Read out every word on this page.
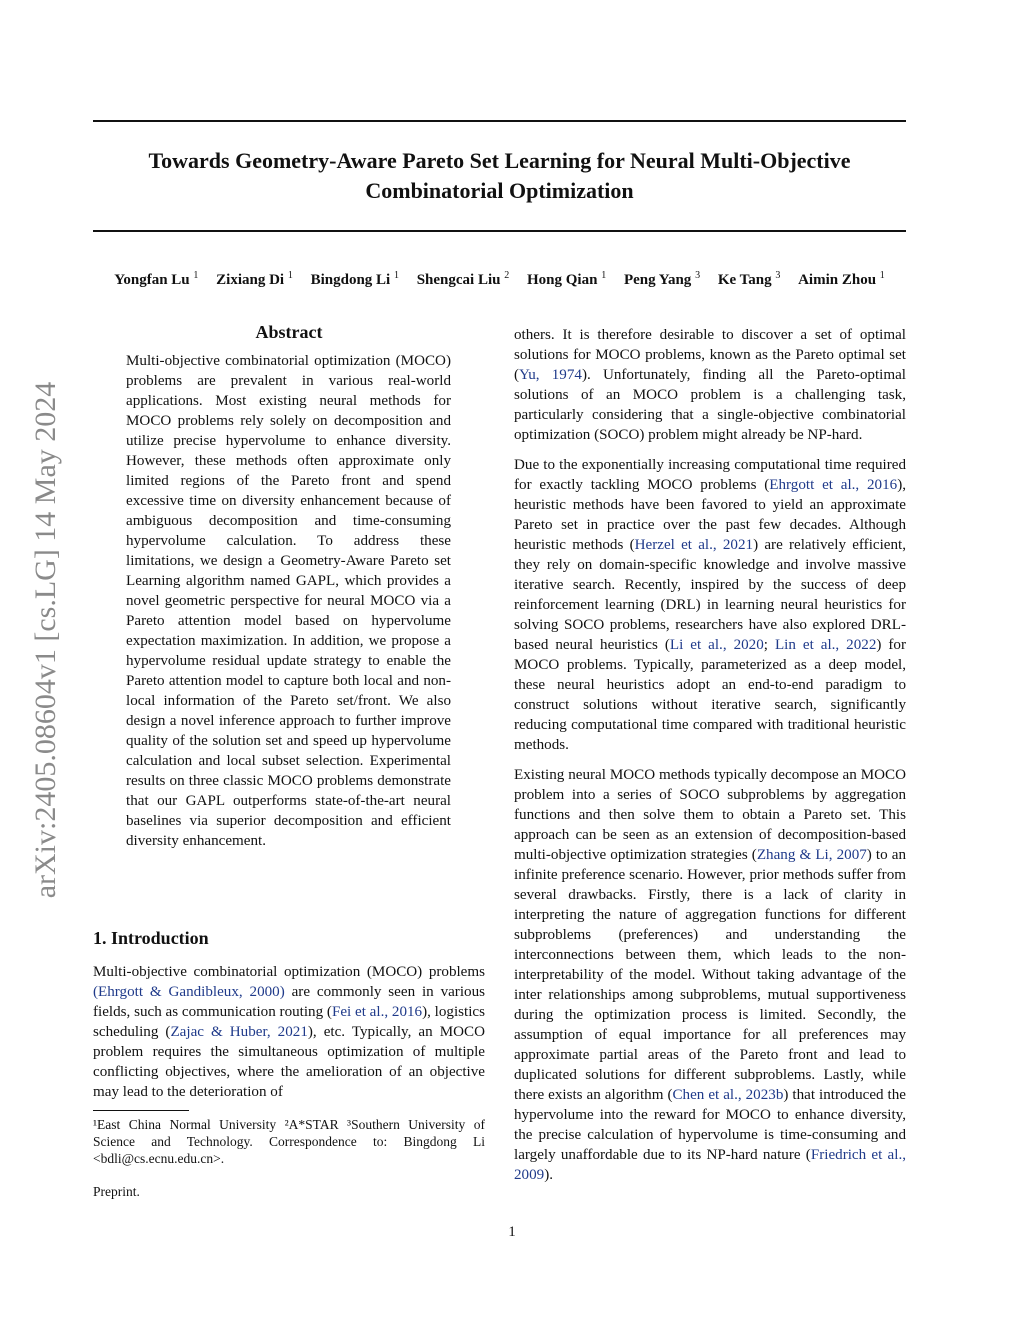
arXiv:2405.08604v1 [cs.LG] 14 May 2024
Towards Geometry-Aware Pareto Set Learning for Neural Multi-Objective
Combinatorial Optimization
Yongfan Lu $^1$ Zixiang Di $^1$ Bingdong Li $^1$ Shengcai Liu $^2$ Hong Qian $^1$ Peng Yang $^3$ Ke Tang $^3$ Aimin Zhou $^1$
Abstract
Multi-objective combinatorial optimization (MOCO) problems are prevalent in various real-world applications. Most existing neural methods for MOCO problems rely solely on decomposition and utilize precise hypervolume to enhance diversity. However, these methods often approximate only limited regions of the Pareto front and spend excessive time on diversity enhancement because of ambiguous decomposition and time-consuming hypervolume calculation. To address these limitations, we design a Geometry-Aware Pareto set Learning algorithm named GAPL, which provides a novel geometric perspective for neural MOCO via a Pareto attention model based on hypervolume expectation maximization. In addition, we propose a hypervolume residual update strategy to enable the Pareto attention model to capture both local and non-local information of the Pareto set/front. We also design a novel inference approach to further improve quality of the solution set and speed up hypervolume calculation and local subset selection. Experimental results on three classic MOCO problems demonstrate that our GAPL outperforms state-of-the-art neural baselines via superior decomposition and efficient diversity enhancement.
1. Introduction

Multi-objective combinatorial optimization (MOCO) problems (Ehrgott & Gandibleux, 2000) are commonly seen in various fields, such as communication routing (Fei et al., 2016), logistics scheduling (Zajac & Huber, 2021), etc. Typically, an MOCO problem requires the simultaneous optimization of multiple conflicting objectives, where the amelioration of an objective may lead to the deterioration of

¹East China Normal University ²A*STAR ³Southern University of Science and Technology. Correspondence to: Bingdong Li <bdli@cs.ecnu.edu.cn>.
Preprint.

others. It is therefore desirable to discover a set of optimal solutions for MOCO problems, known as the Pareto optimal set (Yu, 1974). Unfortunately, finding all the Pareto-optimal solutions of an MOCO problem is a challenging task, particularly considering that a single-objective combinatorial optimization (SOCO) problem might already be NP-hard.

Due to the exponentially increasing computational time required for exactly tackling MOCO problems (Ehrgott et al., 2016), heuristic methods have been favored to yield an approximate Pareto set in practice over the past few decades. Although heuristic methods (Herzel et al., 2021) are relatively efficient, they rely on domain-specific knowledge and involve massive iterative search. Recently, inspired by the success of deep reinforcement learning (DRL) in learning neural heuristics for solving SOCO problems, researchers have also explored DRL-based neural heuristics (Li et al., 2020; Lin et al., 2022) for MOCO problems. Typically, parameterized as a deep model, these neural heuristics adopt an end-to-end paradigm to construct solutions without iterative search, significantly reducing computational time compared with traditional heuristic methods.

Existing neural MOCO methods typically decompose an MOCO problem into a series of SOCO subproblems by aggregation functions and then solve them to obtain a Pareto set. This approach can be seen as an extension of decomposition-based multi-objective optimization strategies (Zhang & Li, 2007) to an infinite preference scenario. However, prior methods suffer from several drawbacks. Firstly, there is a lack of clarity in interpreting the nature of aggregation functions for different subproblems (preferences) and understanding the interconnections between them, which leads to the non-interpretability of the model. Without taking advantage of the inter relationships among subproblems, mutual supportiveness during the optimization process is limited. Secondly, the assumption of equal importance for all preferences may approximate partial areas of the Pareto front and lead to duplicated solutions for different subproblems. Lastly, while there exists an algorithm (Chen et al., 2023b) that introduced the hypervolume into the reward for MOCO to enhance diversity, the precise calculation of hypervolume is time-consuming and largely unaffordable due to its NP-hard nature (Friedrich et al., 2009).

1
